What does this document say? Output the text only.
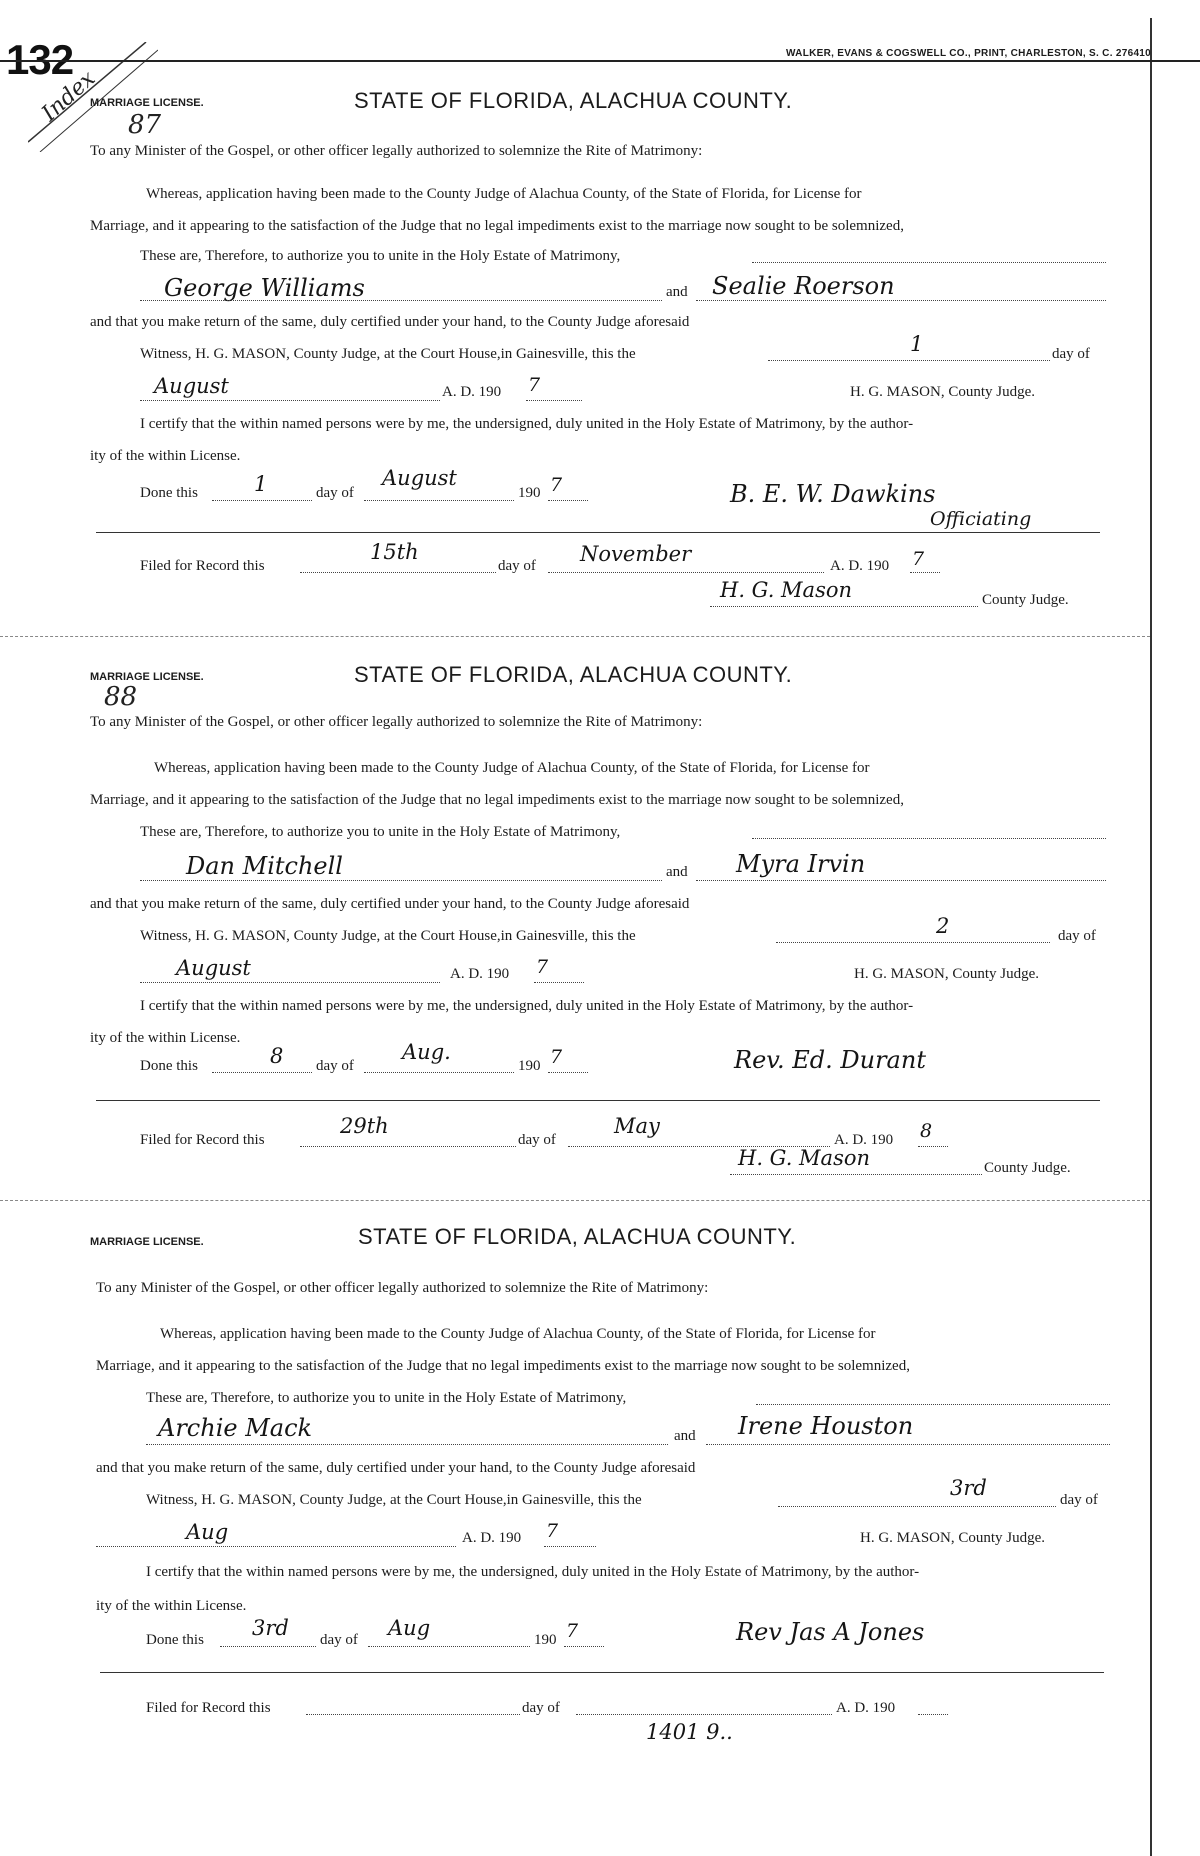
132
Index
WALKER, EVANS & COGSWELL CO., PRINT, CHARLESTON, S. C. 276410
MARRIAGE LICENSE.	STATE OF FLORIDA, ALACHUA COUNTY.
87
To any Minister of the Gospel, or other officer legally authorized to solemnize the Rite of Matrimony:
Whereas, application having been made to the County Judge of Alachua County, of the State of Florida, for License for
Marriage, and it appearing to the satisfaction of the Judge that no legal impediments exist to the marriage now sought to be solemnized,
These are, Therefore, to authorize you to unite in the Holy Estate of Matrimony,
George Williams	and Sealie Roerson
and that you make return of the same, duly certified under your hand, to the County Judge aforesaid
Witness, H. G. MASON, County Judge, at the Court House,in Gainesville, this the	1	day of
August	A. D. 190 7	H. G. MASON, County Judge.
I certify that the within named persons were by me, the undersigned, duly united in the Holy Estate of Matrimony, by the author-
ity of the within License.
Done this	1	day of
August
190 7	B. E. W. Dawkins
Officiating
Filed for Record this
15th
day of November	A. D. 190 7
H. G. Mason	County Judge.
MARRIAGE LICENSE.	STATE OF FLORIDA, ALACHUA COUNTY.
88
To any Minister of the Gospel, or other officer legally authorized to solemnize the Rite of Matrimony:
Whereas, application having been made to the County Judge of Alachua County, of the State of Florida, for License for
Marriage, and it appearing to the satisfaction of the Judge that no legal impediments exist to the marriage now sought to be solemnized,
These are, Therefore, to authorize you to unite in the Holy Estate of Matrimony,
Dan Mitchell	and Myra Irvin
and that you make return of the same, duly certified under your hand, to the County Judge aforesaid
Witness, H. G. MASON, County Judge, at the Court House,in Gainesville, this the	2	day of
August	A. D. 190 7	H. G. MASON, County Judge.
I certify that the within named persons were by me, the undersigned, duly united in the Holy Estate of Matrimony, by the author-
ity of the within License.
Done this	8 day of
Aug.
190 7	Rev. Ed. Durant
Filed for Record this
29th
day of
May
A. D. 190 8
H. G. Mason	County Judge.
MARRIAGE LICENSE.	STATE OF FLORIDA, ALACHUA COUNTY.
To any Minister of the Gospel, or other officer legally authorized to solemnize the Rite of Matrimony:
Whereas, application having been made to the County Judge of Alachua County, of the State of Florida, for License for
Marriage, and it appearing to the satisfaction of the Judge that no legal impediments exist to the marriage now sought to be solemnized,
These are, Therefore, to authorize you to unite in the Holy Estate of Matrimony,
Archie Mack	and Irene Houston
and that you make return of the same, duly certified under your hand, to the County Judge aforesaid
Witness, H. G. MASON, County Judge, at the Court House,in Gainesville, this the	3rd	day of
Aug	A. D. 190 7	H. G. MASON, County Judge.
I certify that the within named persons were by me, the undersigned, duly united in the Holy Estate of Matrimony, by the author-
ity of the within License.
Done this 3rd day of Aug	190 7	Rev Jas A Jones
Filed for Record this	day of	A. D. 190
1401 9..
